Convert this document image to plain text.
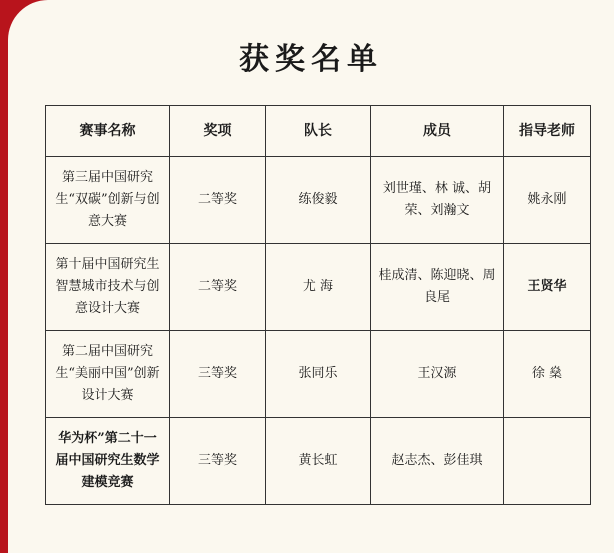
获奖名单
赛事名称	奖项	队长	成员	指导老师
第三届中国研究生“双碳”创新与创意大赛	二等奖	练俊毅	刘世瑾、林 诚、胡 荣、刘瀚文	姚永刚
第十届中国研究生智慧城市技术与创意设计大赛	二等奖	尤 海	桂成清、陈迎晓、周良尾	王贤华
第二届中国研究生“美丽中国”创新设计大赛	三等奖	张同乐	王汉源	徐 燊
华为杯”第二十一届中国研究生数学建模竞赛	三等奖	黄长虹	赵志杰、彭佳琪	
